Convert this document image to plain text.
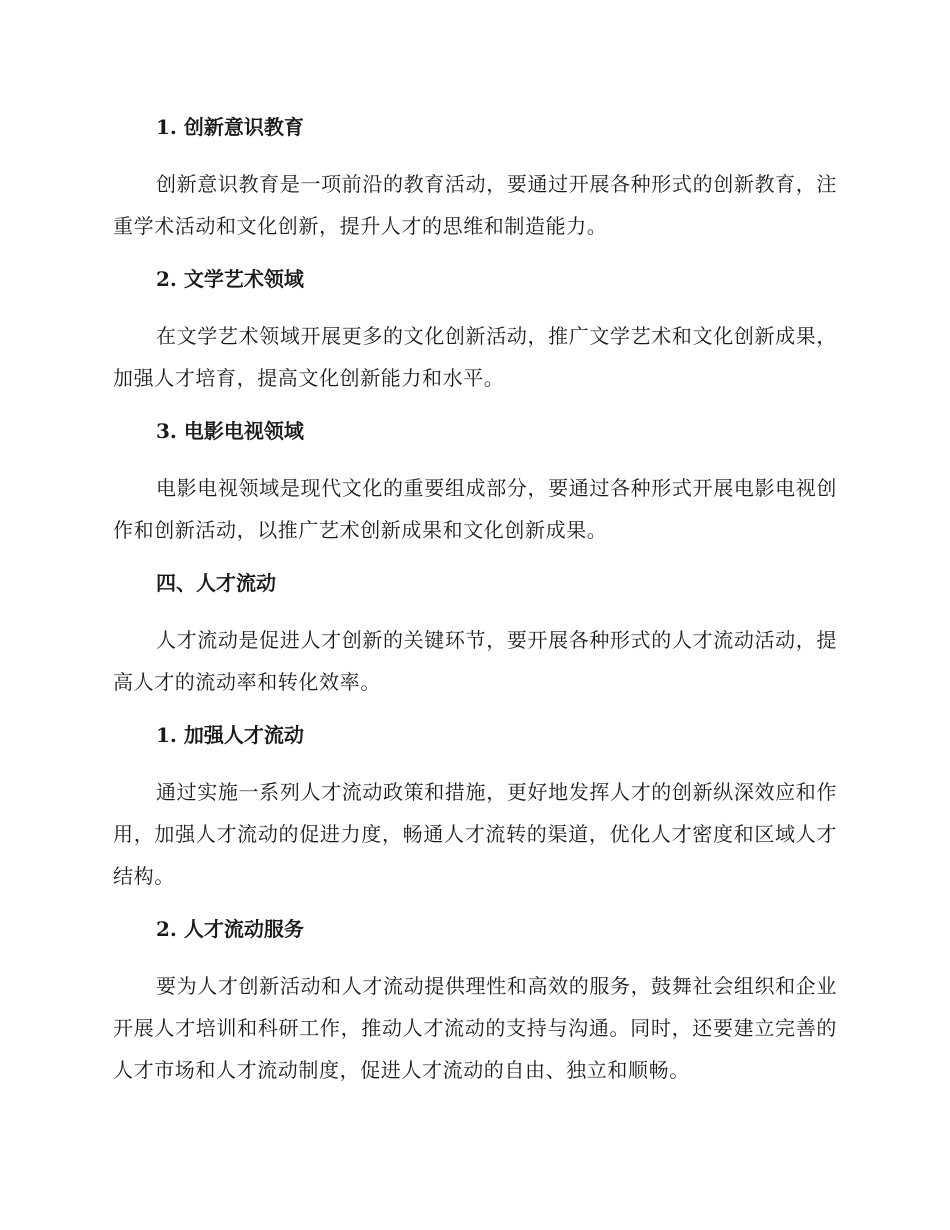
1. 创新意识教育

创新意识教育是一项前沿的教育活动，要通过开展各种形式的创新教育，注重学术活动和文化创新，提升人才的思维和制造能力。

2. 文学艺术领域

在文学艺术领域开展更多的文化创新活动，推广文学艺术和文化创新成果，加强人才培育，提高文化创新能力和水平。

3. 电影电视领域

电影电视领域是现代文化的重要组成部分，要通过各种形式开展电影电视创作和创新活动，以推广艺术创新成果和文化创新成果。

四、人才流动

人才流动是促进人才创新的关键环节，要开展各种形式的人才流动活动，提高人才的流动率和转化效率。

1. 加强人才流动

通过实施一系列人才流动政策和措施，更好地发挥人才的创新纵深效应和作用，加强人才流动的促进力度，畅通人才流转的渠道，优化人才密度和区域人才结构。

2. 人才流动服务

要为人才创新活动和人才流动提供理性和高效的服务，鼓舞社会组织和企业开展人才培训和科研工作，推动人才流动的支持与沟通。同时，还要建立完善的人才市场和人才流动制度，促进人才流动的自由、独立和顺畅。
